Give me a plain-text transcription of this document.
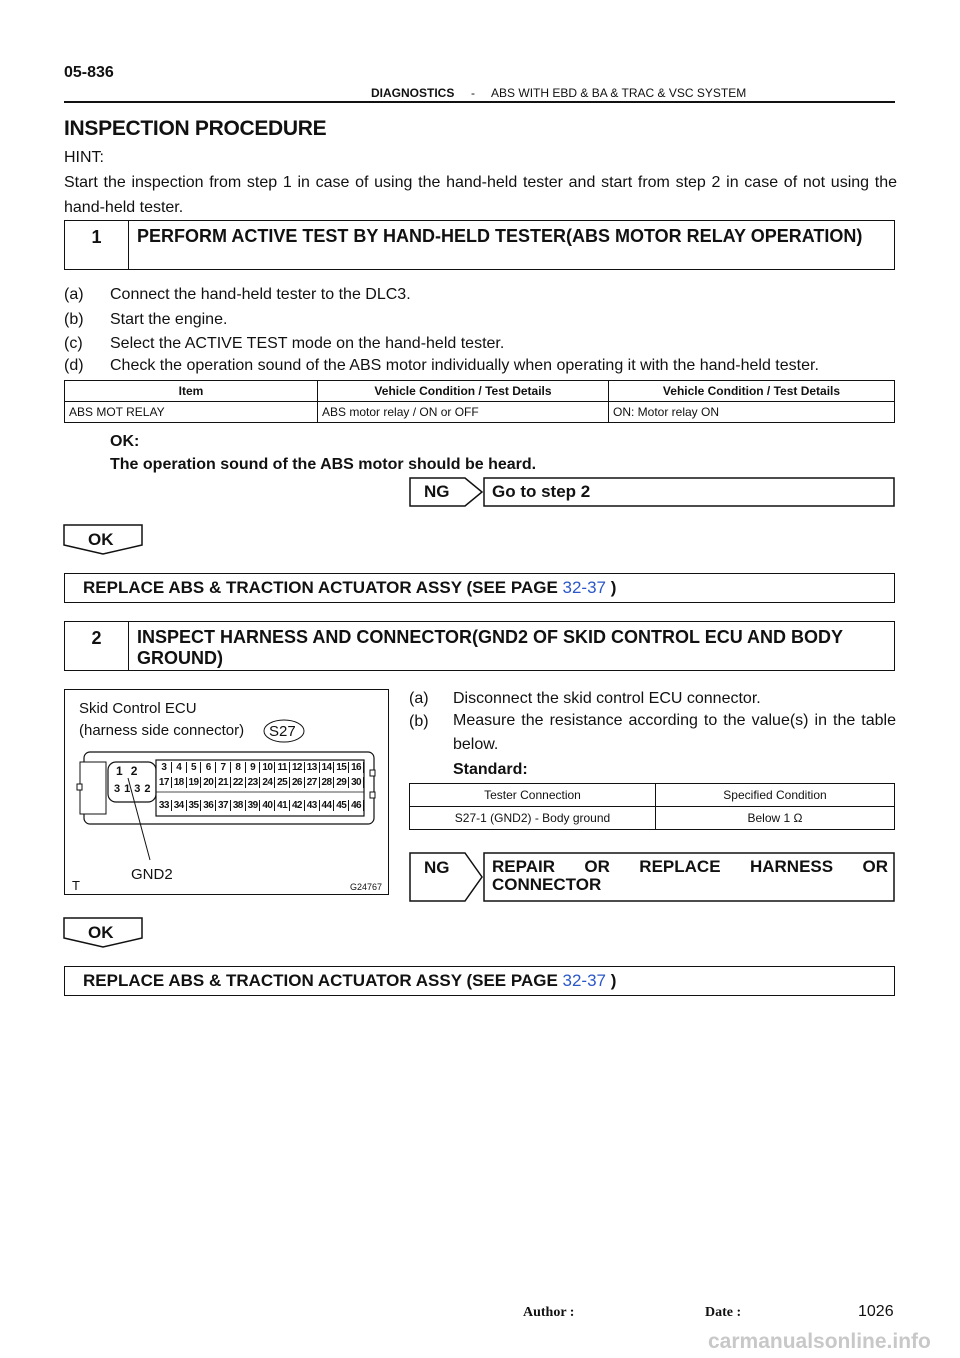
05-836
DIAGNOSTICS - ABS WITH EBD & BA & TRAC & VSC SYSTEM
INSPECTION PROCEDURE
HINT:
Start the inspection from step 1 in case of using the hand-held tester and start from step 2 in case of not using the hand-held tester.
1	PERFORM ACTIVE TEST BY HAND-HELD TESTER(ABS MOTOR RELAY OPERATION)
(a) Connect the hand-held tester to the DLC3.
(b) Start the engine.
(c) Select the ACTIVE TEST mode on the hand-held tester.
(d) Check the operation sound of the ABS motor individually when operating it with the hand-held tester.
Item	Vehicle Condition / Test Details	Vehicle Condition / Test Details
ABS MOT RELAY	ABS motor relay / ON or OFF	ON: Motor relay ON
OK:
The operation sound of the ABS motor should be heard.
NG	Go to step 2
OK
REPLACE ABS & TRACTION ACTUATOR ASSY (SEE PAGE 32-37 )
2	INSPECT HARNESS AND CONNECTOR(GND2 OF SKID CONTROL ECU AND BODY GROUND)
Skid Control ECU
(harness side connector) S27
12
3132
3 4 5 6 7 8 9 10 11 12 13 14 15 16
17 18 19 20 21 22 23 24 25 26 27 28 29 30
33 34 35 36 37 38 39 40 41 42 43 44 45 46
T
GND2
G24767
(a) Disconnect the skid control ECU connector.
(b)	Measure the resistance according to the value(s) in the table below.
Standard:
Tester Connection	Specified Condition
S27-1 (GND2) - Body ground	Below 1 Ω
NG	REPAIR OR REPLACE HARNESS OR CONNECTOR
OK
REPLACE ABS & TRACTION ACTUATOR ASSY (SEE PAGE 32-37 )
Author :	Date :	1026
carmanualsonline.info
